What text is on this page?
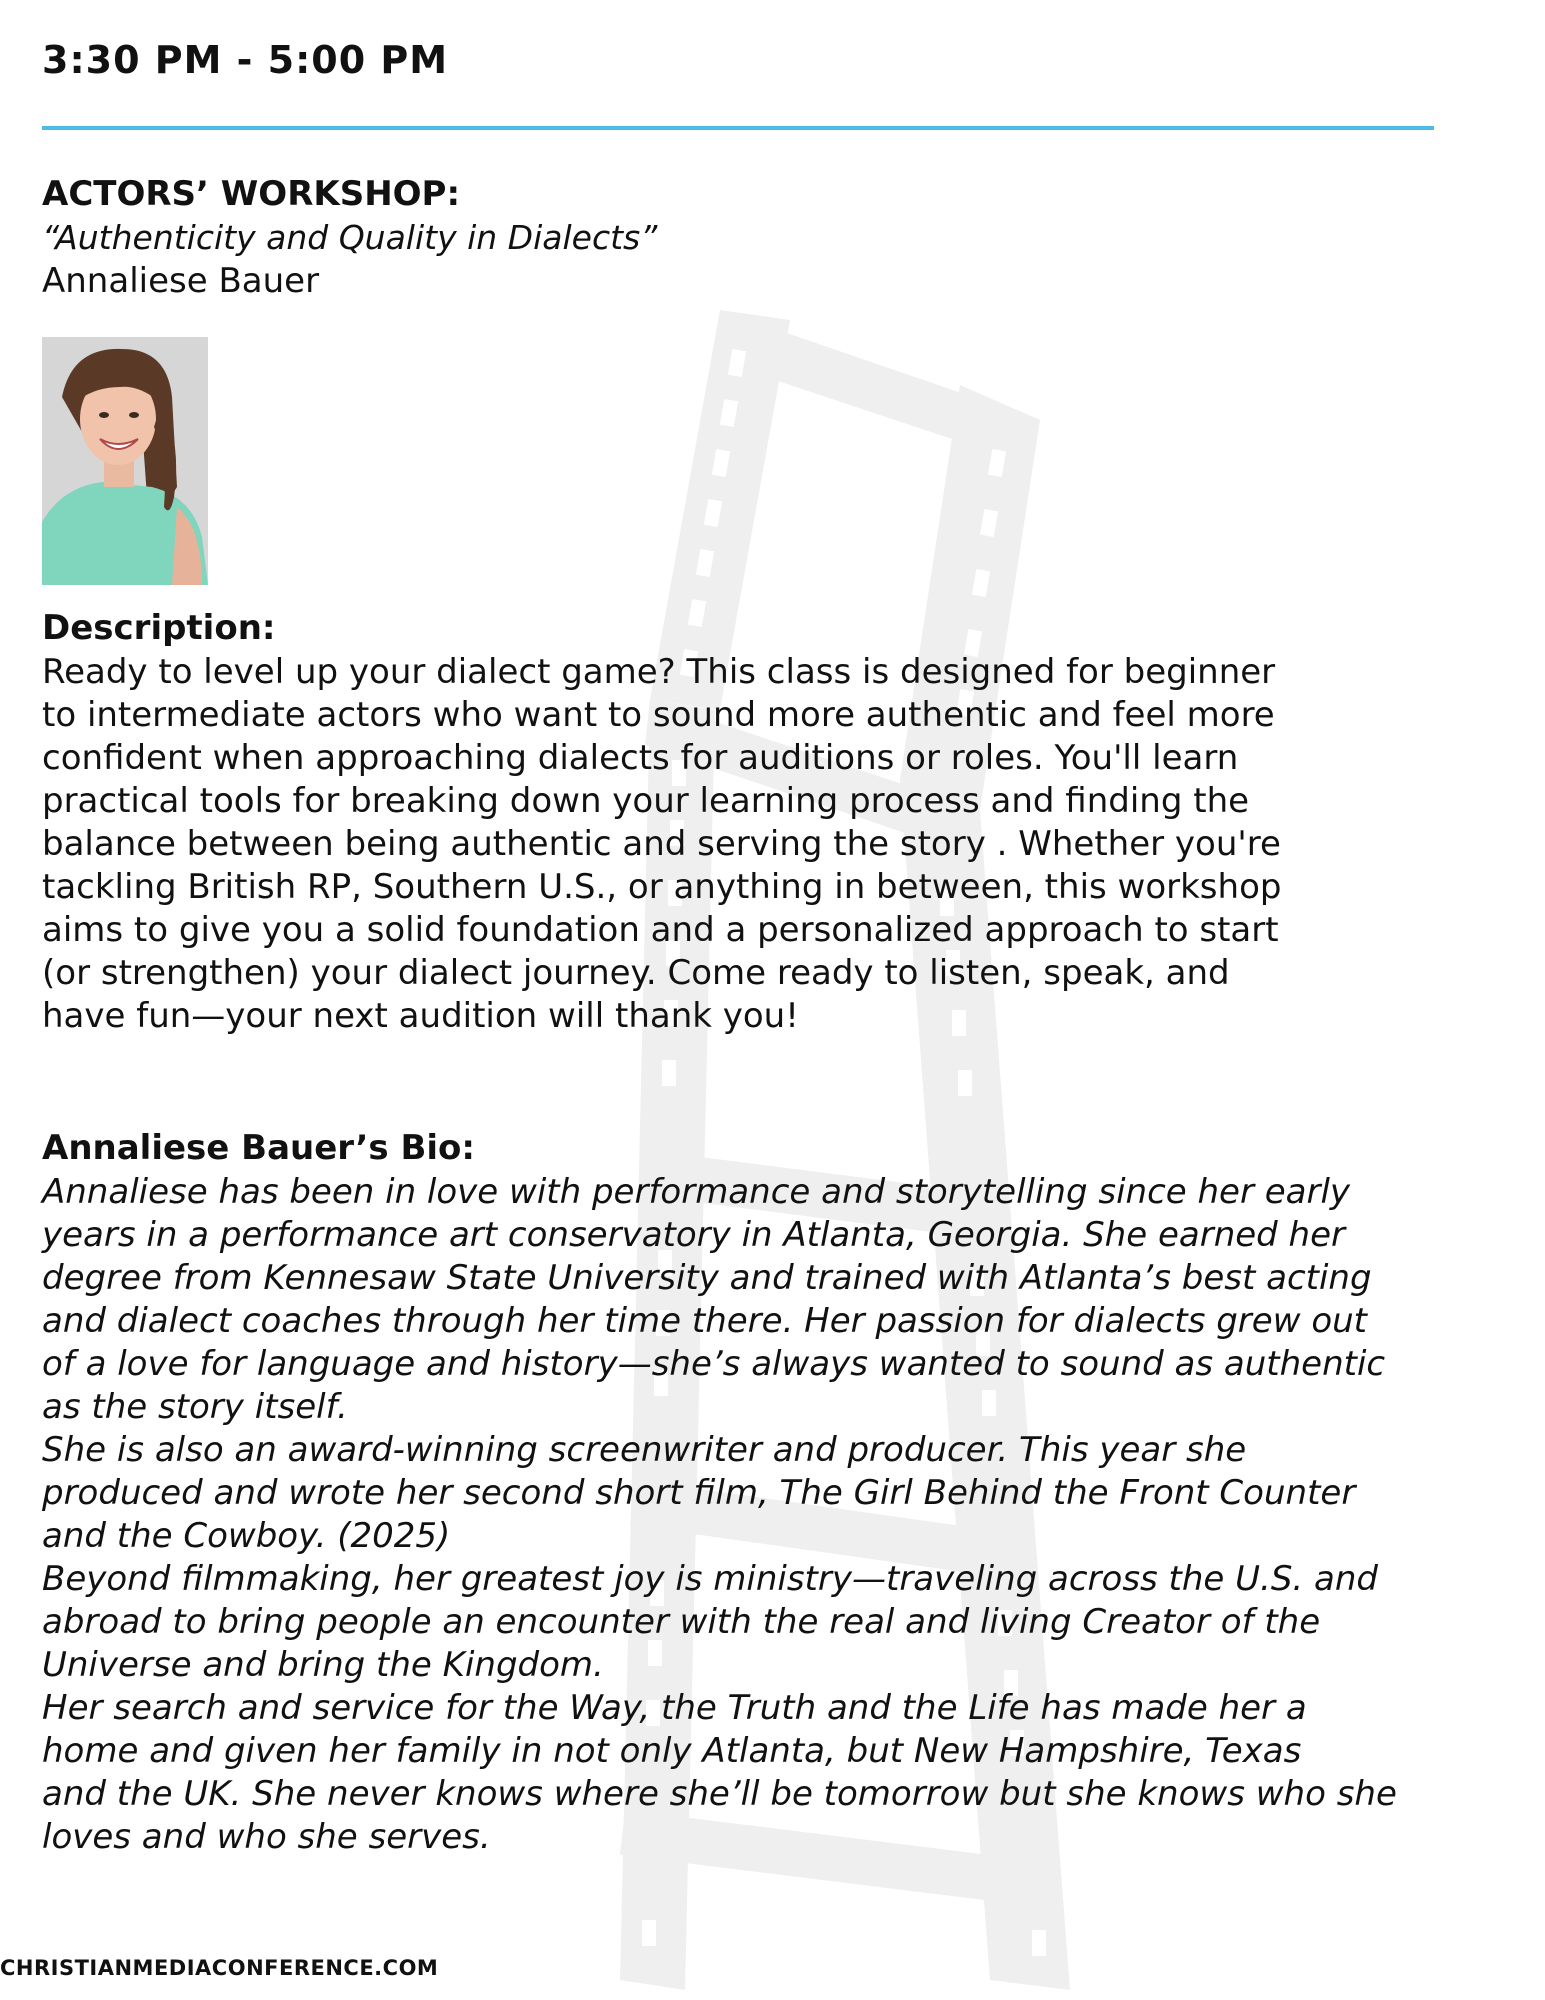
3:30 PM - 5:00 PM
ACTORS’ WORKSHOP:
“Authenticity and Quality in Dialects”
Annaliese Bauer
Description:
Ready to level up your dialect game? This class is designed for beginner
to intermediate actors who want to sound more authentic and feel more
confident when approaching dialects for auditions or roles. You'll learn
practical tools for breaking down your learning process and finding the
balance between being authentic and serving the story . Whether you're
tackling British RP, Southern U.S., or anything in between, this workshop
aims to give you a solid foundation and a personalized approach to start
(or strengthen) your dialect journey. Come ready to listen, speak, and
have fun—your next audition will thank you!
Annaliese Bauer’s Bio:
Annaliese has been in love with performance and storytelling since her early
years in a performance art conservatory in Atlanta, Georgia. She earned her
degree from Kennesaw State University and trained with Atlanta’s best acting
and dialect coaches through her time there. Her passion for dialects grew out
of a love for language and history—she’s always wanted to sound as authentic
as the story itself.
She is also an award-winning screenwriter and producer. This year she
produced and wrote her second short film, The Girl Behind the Front Counter
and the Cowboy. (2025)
Beyond filmmaking, her greatest joy is ministry—traveling across the U.S. and
abroad to bring people an encounter with the real and living Creator of the
Universe and bring the Kingdom.
Her search and service for the Way, the Truth and the Life has made her a
home and given her family in not only Atlanta, but New Hampshire, Texas
and the UK. She never knows where she’ll be tomorrow but she knows who she
loves and who she serves.
CHRISTIANMEDIACONFERENCE.COM
